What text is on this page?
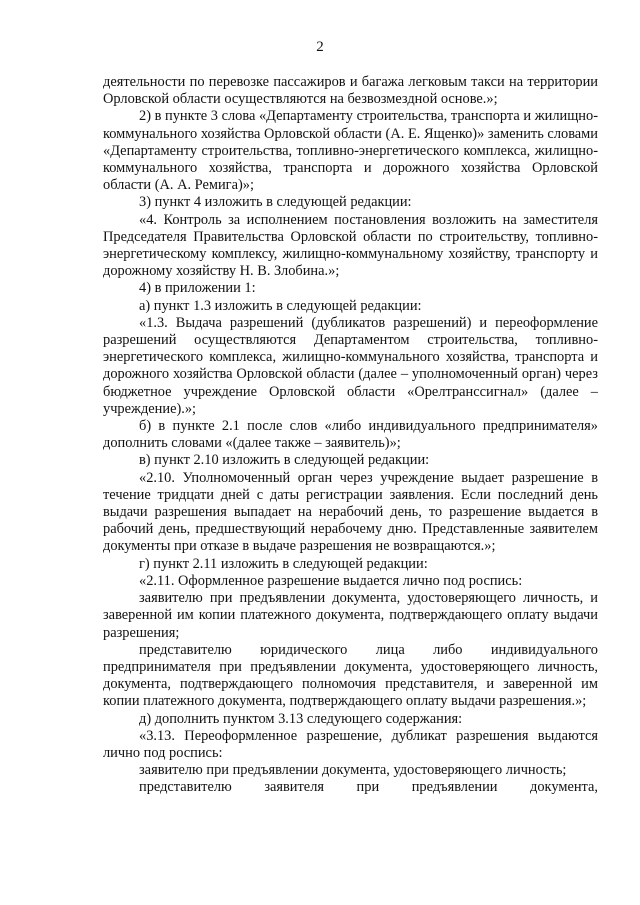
2

деятельности по перевозке пассажиров и багажа легковым такси на территории Орловской области осуществляются на безвозмездной основе.»;

2) в пункте 3 слова «Департаменту строительства, транспорта и жилищно-коммунального хозяйства Орловской области (А. Е. Ященко)» заменить словами «Департаменту строительства, топливно-энергетического комплекса, жилищно-коммунального хозяйства, транспорта и дорожного хозяйства Орловской области (А. А. Ремига)»;

3) пункт 4 изложить в следующей редакции:

«4. Контроль за исполнением постановления возложить на заместителя Председателя Правительства Орловской области по строительству, топливно-энергетическому комплексу, жилищно-коммунальному хозяйству, транспорту и дорожному хозяйству Н. В. Злобина.»;

4) в приложении 1:

а) пункт 1.3 изложить в следующей редакции:

«1.3. Выдача разрешений (дубликатов разрешений) и переоформление разрешений осуществляются Департаментом строительства, топливно-энергетического комплекса, жилищно-коммунального хозяйства, транспорта и дорожного хозяйства Орловской области (далее – уполномоченный орган) через бюджетное учреждение Орловской области «Орелтранссигнал» (далее – учреждение).»;

б) в пункте 2.1 после слов «либо индивидуального предпринимателя» дополнить словами «(далее также – заявитель)»;

в) пункт 2.10 изложить в следующей редакции:

«2.10. Уполномоченный орган через учреждение выдает разрешение в течение тридцати дней с даты регистрации заявления. Если последний день выдачи разрешения выпадает на нерабочий день, то разрешение выдается в рабочий день, предшествующий нерабочему дню. Представленные заявителем документы при отказе в выдаче разрешения не возвращаются.»;

г) пункт 2.11 изложить в следующей редакции:

«2.11. Оформленное разрешение выдается лично под роспись:

заявителю при предъявлении документа, удостоверяющего личность, и заверенной им копии платежного документа, подтверждающего оплату выдачи разрешения;

представителю юридического лица либо индивидуального предпринимателя при предъявлении документа, удостоверяющего личность, документа, подтверждающего полномочия представителя, и заверенной им копии платежного документа, подтверждающего оплату выдачи разрешения.»;

д) дополнить пунктом 3.13 следующего содержания:

«3.13. Переоформленное разрешение, дубликат разрешения выдаются лично под роспись:

заявителю при предъявлении документа, удостоверяющего личность;

представителю заявителя при предъявлении документа,
